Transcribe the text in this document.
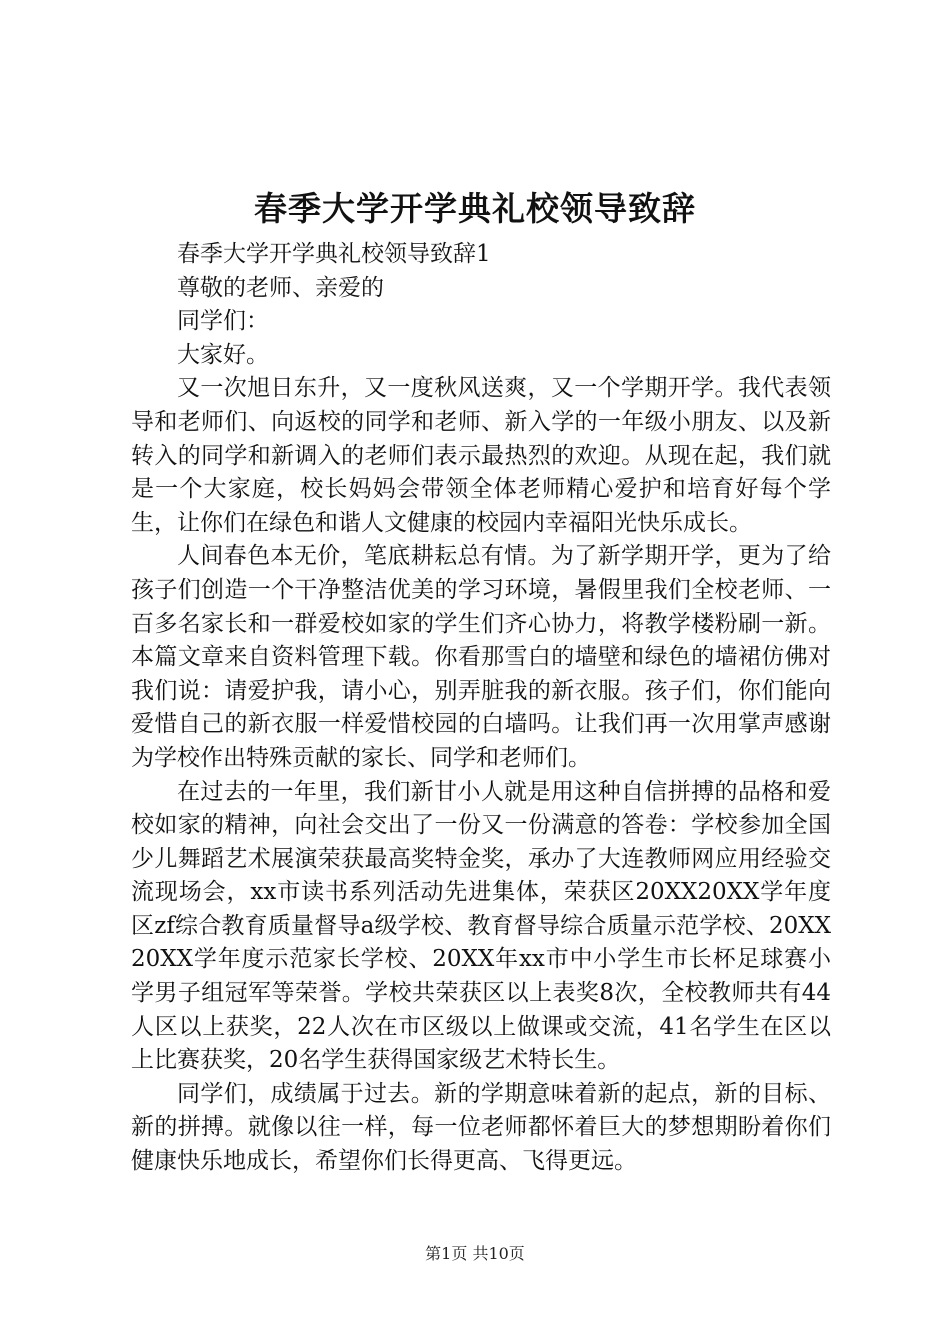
春季大学开学典礼校领导致辞

春季大学开学典礼校领导致辞1

尊敬的老师、亲爱的

同学们：

大家好。

又一次旭日东升，又一度秋风送爽，又一个学期开学。我代表领导和老师们、向返校的同学和老师、新入学的一年级小朋友、以及新转入的同学和新调入的老师们表示最热烈的欢迎。从现在起，我们就是一个大家庭，校长妈妈会带领全体老师精心爱护和培育好每个学生，让你们在绿色和谐人文健康的校园内幸福阳光快乐成长。

人间春色本无价，笔底耕耘总有情。为了新学期开学，更为了给孩子们创造一个干净整洁优美的学习环境，暑假里我们全校老师、一百多名家长和一群爱校如家的学生们齐心协力，将教学楼粉刷一新。本篇文章来自资料管理下载。你看那雪白的墙壁和绿色的墙裙仿佛对我们说：请爱护我，请小心，别弄脏我的新衣服。孩子们，你们能向爱惜自己的新衣服一样爱惜校园的白墙吗。让我们再一次用掌声感谢为学校作出特殊贡献的家长、同学和老师们。

在过去的一年里，我们新甘小人就是用这种自信拼搏的品格和爱校如家的精神，向社会交出了一份又一份满意的答卷：学校参加全国少儿舞蹈艺术展演荣获最高奖特金奖，承办了大连教师网应用经验交流现场会，xx市读书系列活动先进集体，荣获区20XX20XX学年度区zf综合教育质量督导a级学校、教育督导综合质量示范学校、20XX20XX学年度示范家长学校、20XX年xx市中小学生市长杯足球赛小学男子组冠军等荣誉。学校共荣获区以上表奖8次，全校教师共有44人区以上获奖，22人次在市区级以上做课或交流，41名学生在区以上比赛获奖，20名学生获得国家级艺术特长生。

同学们，成绩属于过去。新的学期意味着新的起点，新的目标、新的拼搏。就像以往一样，每一位老师都怀着巨大的梦想期盼着你们健康快乐地成长，希望你们长得更高、飞得更远。

第1页 共10页
